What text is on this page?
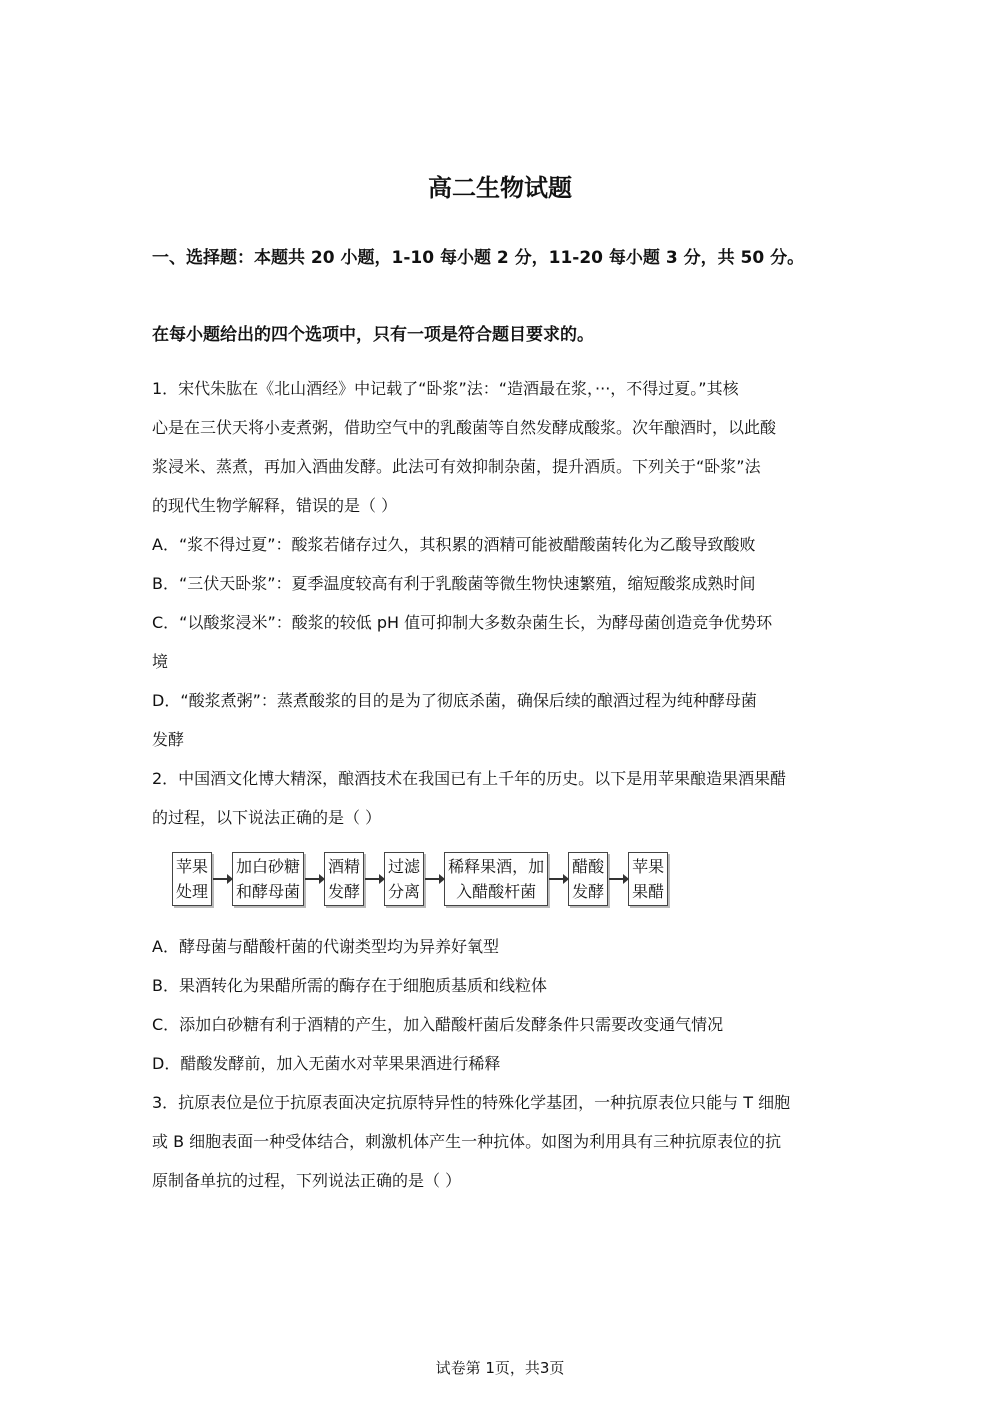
高二生物试题
一、选择题：本题共 20 小题，1-10 每小题 2 分，11-20 每小题 3 分，共 50 分。
在每小题给出的四个选项中，只有一项是符合题目要求的。
1．宋代朱肱在《北山酒经》中记载了“卧浆”法：“造酒最在浆，···，不得过夏。”其核
心是在三伏天将小麦煮粥，借助空气中的乳酸菌等自然发酵成酸浆。次年酿酒时，以此酸
浆浸米、蒸煮，再加入酒曲发酵。此法可有效抑制杂菌，提升酒质。下列关于“卧浆”法
的现代生物学解释，错误的是（ ）
A．“浆不得过夏”：酸浆若储存过久，其积累的酒精可能被醋酸菌转化为乙酸导致酸败
B．“三伏天卧浆”：夏季温度较高有利于乳酸菌等微生物快速繁殖，缩短酸浆成熟时间
C．“以酸浆浸米”：酸浆的较低 pH 值可抑制大多数杂菌生长，为酵母菌创造竞争优势环
境
D．“酸浆煮粥”：蒸煮酸浆的目的是为了彻底杀菌，确保后续的酿酒过程为纯种酵母菌
发酵
2．中国酒文化博大精深，酿酒技术在我国已有上千年的历史。以下是用苹果酿造果酒果醋
的过程，以下说法正确的是（ ）
苹果
处理
加白砂糖
和酵母菌
酒精
发酵
过滤
分离
稀释果酒，加
入醋酸杆菌
醋酸
发酵
苹果
果醋
A．酵母菌与醋酸杆菌的代谢类型均为异养好氧型
B．果酒转化为果醋所需的酶存在于细胞质基质和线粒体
C．添加白砂糖有利于酒精的产生，加入醋酸杆菌后发酵条件只需要改变通气情况
D．醋酸发酵前，加入无菌水对苹果果酒进行稀释
3．抗原表位是位于抗原表面决定抗原特异性的特殊化学基团，一种抗原表位只能与 T 细胞
或 B 细胞表面一种受体结合，刺激机体产生一种抗体。如图为利用具有三种抗原表位的抗
原制备单抗的过程，下列说法正确的是（ ）
试卷第 1页，共3页
